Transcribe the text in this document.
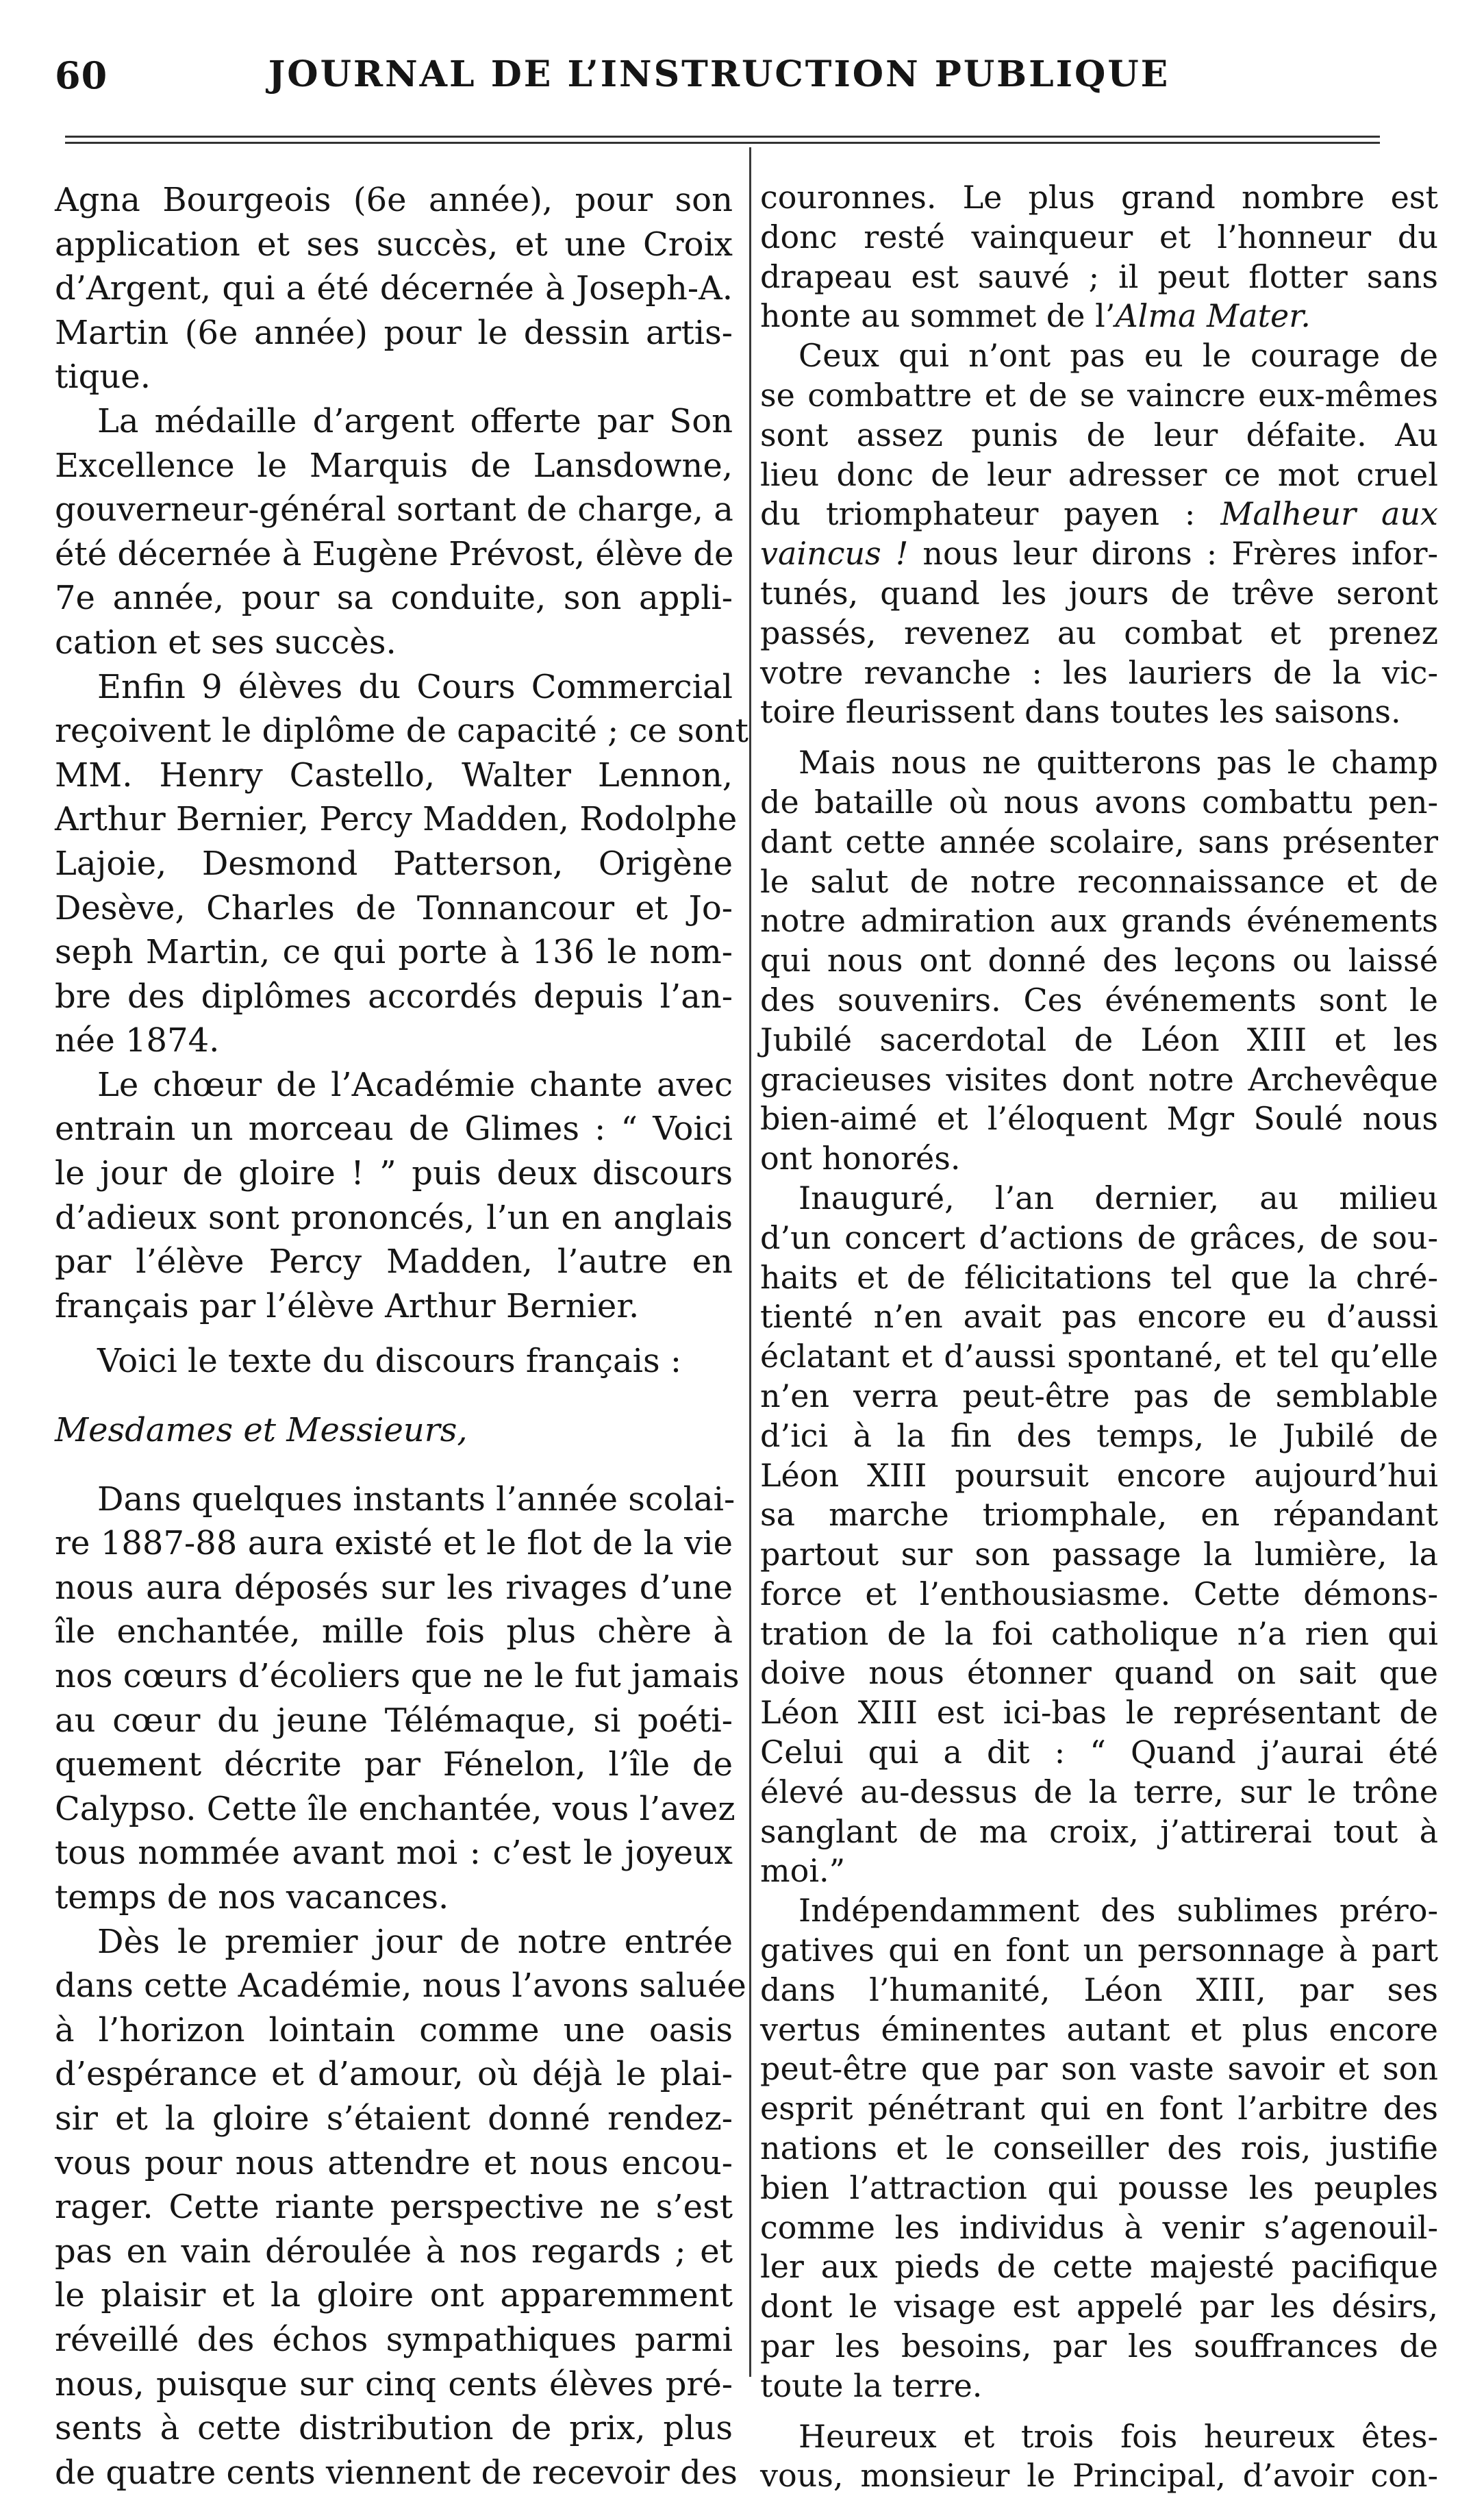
60	JOURNAL DE L’INSTRUCTION PUBLIQUE
Agna Bourgeois (6e année), pour son
application et ses succès, et une Croix
d’Argent, qui a été décernée à Joseph-A.
Martin (6e année) pour le dessin artis-
tique.
La médaille d’argent offerte par Son
Excellence le Marquis de Lansdowne,
gouverneur-général sortant de charge, a
été décernée à Eugène Prévost, élève de
7e année, pour sa conduite, son appli-
cation et ses succès.
Enfin 9 élèves du Cours Commercial
reçoivent le diplôme de capacité ; ce sont
MM. Henry Castello, Walter Lennon,
Arthur Bernier, Percy Madden, Rodolphe
Lajoie, Desmond Patterson, Origène
Desève, Charles de Tonnancour et Jo-
seph Martin, ce qui porte à 136 le nom-
bre des diplômes accordés depuis l’an-
née 1874.
Le chœur de l’Académie chante avec
entrain un morceau de Glimes : “ Voici
le jour de gloire ! ” puis deux discours
d’adieux sont prononcés, l’un en anglais
par l’élève Percy Madden, l’autre en
français par l’élève Arthur Bernier.
Voici le texte du discours français :
Mesdames et Messieurs,
Dans quelques instants l’année scolai-
re 1887-88 aura existé et le flot de la vie
nous aura déposés sur les rivages d’une
île enchantée, mille fois plus chère à
nos cœurs d’écoliers que ne le fut jamais
au cœur du jeune Télémaque, si poéti-
quement décrite par Fénelon, l’île de
Calypso. Cette île enchantée, vous l’avez
tous nommée avant moi : c’est le joyeux
temps de nos vacances.
Dès le premier jour de notre entrée
dans cette Académie, nous l’avons saluée
à l’horizon lointain comme une oasis
d’espérance et d’amour, où déjà le plai-
sir et la gloire s’étaient donné rendez-
vous pour nous attendre et nous encou-
rager. Cette riante perspective ne s’est
pas en vain déroulée à nos regards ; et
le plaisir et la gloire ont apparemment
réveillé des échos sympathiques parmi
nous, puisque sur cinq cents élèves pré-
sents à cette distribution de prix, plus
de quatre cents viennent de recevoir des
couronnes. Le plus grand nombre est
donc resté vainqueur et l’honneur du
drapeau est sauvé ; il peut flotter sans
honte au sommet de l’Alma Mater.
Ceux qui n’ont pas eu le courage de
se combattre et de se vaincre eux-mêmes
sont assez punis de leur défaite. Au
lieu donc de leur adresser ce mot cruel
du triomphateur payen : Malheur aux
vaincus ! nous leur dirons : Frères infor-
tunés, quand les jours de trêve seront
passés, revenez au combat et prenez
votre revanche : les lauriers de la vic-
toire fleurissent dans toutes les saisons.
Mais nous ne quitterons pas le champ
de bataille où nous avons combattu pen-
dant cette année scolaire, sans présenter
le salut de notre reconnaissance et de
notre admiration aux grands événements
qui nous ont donné des leçons ou laissé
des souvenirs. Ces événements sont le
Jubilé sacerdotal de Léon XIII et les
gracieuses visites dont notre Archevêque
bien-aimé et l’éloquent Mgr Soulé nous
ont honorés.
Inauguré, l’an dernier, au milieu
d’un concert d’actions de grâces, de sou-
haits et de félicitations tel que la chré-
tienté n’en avait pas encore eu d’aussi
éclatant et d’aussi spontané, et tel qu’elle
n’en verra peut-être pas de semblable
d’ici à la fin des temps, le Jubilé de
Léon XIII poursuit encore aujourd’hui
sa marche triomphale, en répandant
partout sur son passage la lumière, la
force et l’enthousiasme. Cette démons-
tration de la foi catholique n’a rien qui
doive nous étonner quand on sait que
Léon XIII est ici-bas le représentant de
Celui qui a dit : “ Quand j’aurai été
élevé au-dessus de la terre, sur le trône
sanglant de ma croix, j’attirerai tout à
moi.”
Indépendamment des sublimes préro-
gatives qui en font un personnage à part
dans l’humanité, Léon XIII, par ses
vertus éminentes autant et plus encore
peut-être que par son vaste savoir et son
esprit pénétrant qui en font l’arbitre des
nations et le conseiller des rois, justifie
bien l’attraction qui pousse les peuples
comme les individus à venir s’agenouil-
ler aux pieds de cette majesté pacifique
dont le visage est appelé par les désirs,
par les besoins, par les souffrances de
toute la terre.
Heureux et trois fois heureux êtes-
vous, monsieur le Principal, d’avoir con-
